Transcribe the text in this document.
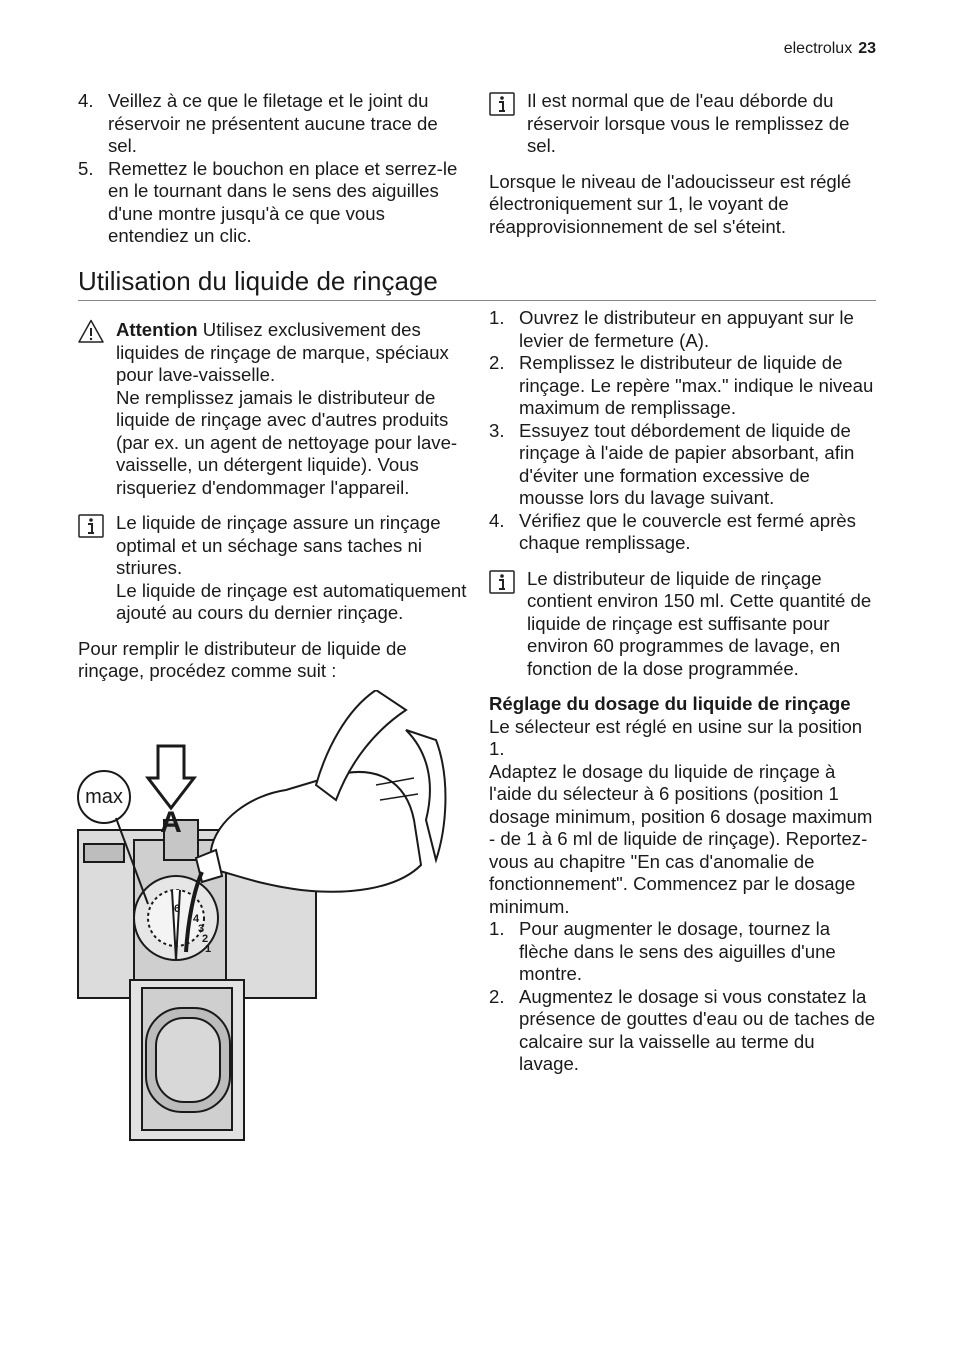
electrolux 23
4. Veillez à ce que le filetage et le joint du réservoir ne présentent aucune trace de sel.
5. Remettez le bouchon en place et serrez-le en le tournant dans le sens des aiguilles d'une montre jusqu'à ce que vous entendiez un clic.

Il est normal que de l'eau déborde du réservoir lorsque vous le remplissez de sel.

Lorsque le niveau de l'adoucisseur est réglé électroniquement sur 1, le voyant de réapprovisionnement de sel s'éteint.

Utilisation du liquide de rinçage

Attention Utilisez exclusivement des liquides de rinçage de marque, spéciaux pour lave-vaisselle.

Ne remplissez jamais le distributeur de liquide de rinçage avec d'autres produits (par ex. un agent de nettoyage pour lave-vaisselle, un détergent liquide). Vous risqueriez d'endommager l'appareil.

Le liquide de rinçage assure un rinçage optimal et un séchage sans taches ni striures.

Le liquide de rinçage est automatiquement ajouté au cours du dernier rinçage.

Pour remplir le distributeur de liquide de rinçage, procédez comme suit :

max
A
6
4
3
2
1
1. Ouvrez le distributeur en appuyant sur le levier de fermeture (A).
2. Remplissez le distributeur de liquide de rinçage. Le repère "max." indique le niveau maximum de remplissage.
3. Essuyez tout débordement de liquide de rinçage à l'aide de papier absorbant, afin d'éviter une formation excessive de mousse lors du lavage suivant.
4. Vérifiez que le couvercle est fermé après chaque remplissage.

Le distributeur de liquide de rinçage contient environ 150 ml. Cette quantité de liquide de rinçage est suffisante pour environ 60 programmes de lavage, en fonction de la dose programmée.

Réglage du dosage du liquide de rinçage

Le sélecteur est réglé en usine sur la position 1.

Adaptez le dosage du liquide de rinçage à l'aide du sélecteur à 6 positions (position 1 dosage minimum, position 6 dosage maximum - de 1 à 6 ml de liquide de rinçage). Reportez-vous au chapitre "En cas d'anomalie de fonctionnement". Commencez par le dosage minimum.

1. Pour augmenter le dosage, tournez la flèche dans le sens des aiguilles d'une montre.
2. Augmentez le dosage si vous constatez la présence de gouttes d'eau ou de taches de calcaire sur la vaisselle au terme du lavage.
